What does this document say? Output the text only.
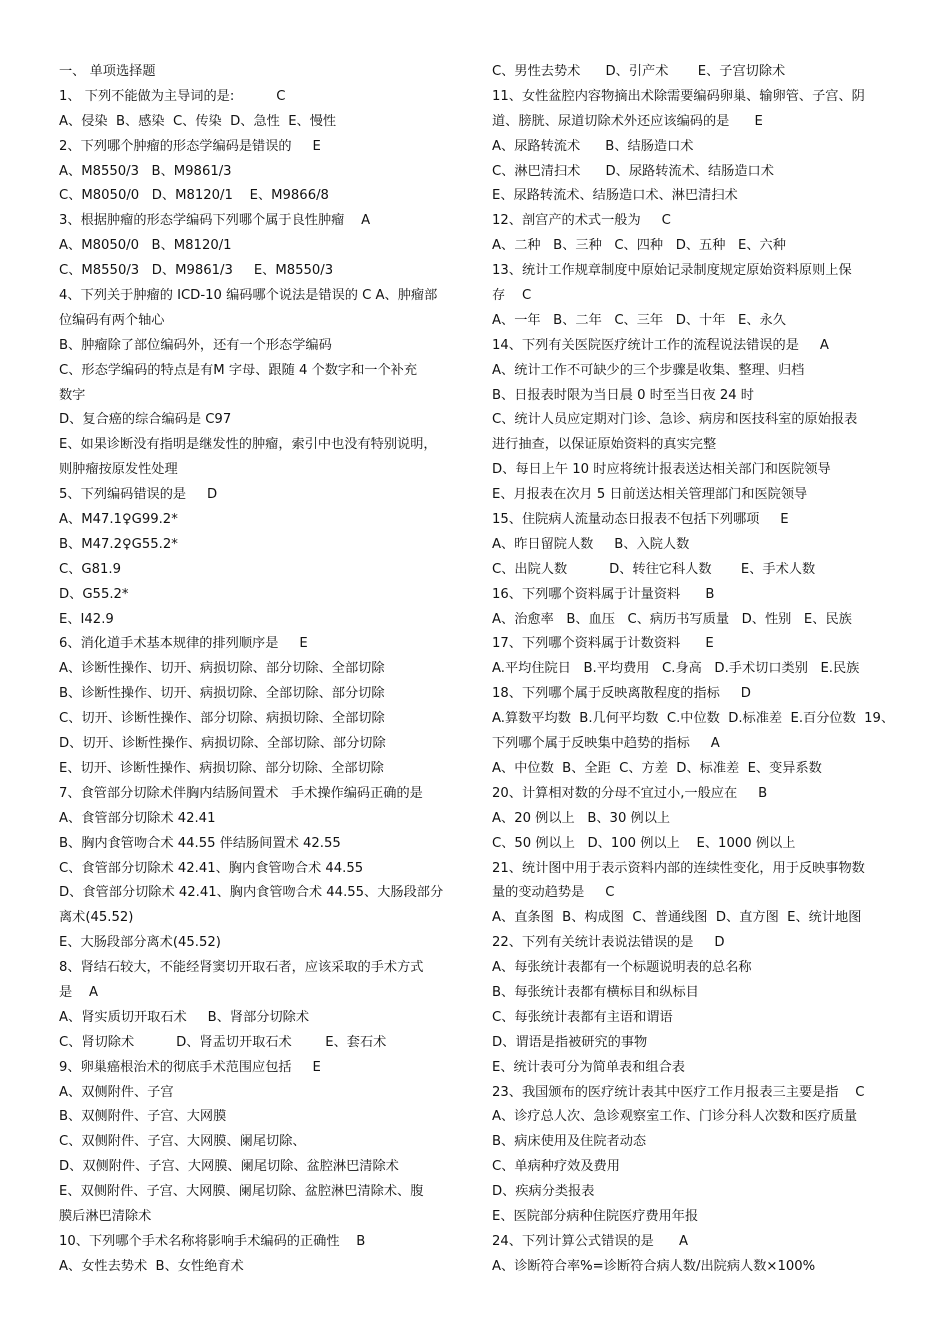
一、 单项选择题
1、 下列不能做为主导词的是:          C
A、侵染  B、感染  C、传染  D、急性  E、慢性
2、下列哪个肿瘤的形态学编码是错误的     E
A、M8550/3   B、M9861/3
C、M8050/0   D、M8120/1    E、M9866/8
3、根据肿瘤的形态学编码下列哪个属于良性肿瘤    A
A、M8050/0   B、M8120/1
C、M8550/3   D、M9861/3     E、M8550/3
4、下列关于肿瘤的 ICD-10 编码哪个说法是错误的 C A、肿瘤部
位编码有两个轴心
B、肿瘤除了部位编码外，还有一个形态学编码
C、形态学编码的特点是有M 字母、跟随 4 个数字和一个补充
数字
D、复合癌的综合编码是 C97
E、如果诊断没有指明是继发性的肿瘤，索引中也没有特别说明，
则肿瘤按原发性处理
5、下列编码错误的是     D
A、M47.1♀G99.2*
B、M47.2♀G55.2*
C、G81.9
D、G55.2*
E、I42.9
6、消化道手术基本规律的排列顺序是     E
A、诊断性操作、切开、病损切除、部分切除、全部切除
B、诊断性操作、切开、病损切除、全部切除、部分切除
C、切开、诊断性操作、部分切除、病损切除、全部切除
D、切开、诊断性操作、病损切除、全部切除、部分切除
E、切开、诊断性操作、病损切除、部分切除、全部切除
7、食管部分切除术伴胸内结肠间置术   手术操作编码正确的是
A、食管部分切除术 42.41
B、胸内食管吻合术 44.55 伴结肠间置术 42.55
C、食管部分切除术 42.41、胸内食管吻合术 44.55
D、食管部分切除术 42.41、胸内食管吻合术 44.55、大肠段部分
离术(45.52)
E、大肠段部分离术(45.52)
8、肾结石较大，不能经肾窦切开取石者，应该采取的手术方式
是    A
A、肾实质切开取石术     B、肾部分切除术
C、肾切除术          D、肾盂切开取石术        E、套石术
9、卵巢癌根治术的彻底手术范围应包括     E
A、双侧附件、子宫
B、双侧附件、子宫、大网膜
C、双侧附件、子宫、大网膜、阑尾切除、
D、双侧附件、子宫、大网膜、阑尾切除、盆腔淋巴清除术
E、双侧附件、子宫、大网膜、阑尾切除、盆腔淋巴清除术、腹
膜后淋巴清除术
10、下列哪个手术名称将影响手术编码的正确性    B
A、女性去势术  B、女性绝育术
C、男性去势术      D、引产术       E、子宫切除术
11、女性盆腔内容物摘出术除需要编码卵巢、输卵管、子宫、阴
道、膀胱、尿道切除术外还应该编码的是      E
A、尿路转流术      B、结肠造口术
C、淋巴清扫术      D、尿路转流术、结肠造口术
E、尿路转流术、结肠造口术、淋巴清扫术
12、剖宫产的术式一般为     C
A、二种   B、三种   C、四种   D、五种   E、六种
13、统计工作规章制度中原始记录制度规定原始资料原则上保
存    C
A、一年   B、二年   C、三年   D、十年   E、永久
14、下列有关医院医疗统计工作的流程说法错误的是     A
A、统计工作不可缺少的三个步骤是收集、整理、归档
B、日报表时限为当日晨 0 时至当日夜 24 时
C、统计人员应定期对门诊、急诊、病房和医技科室的原始报表
进行抽查，以保证原始资料的真实完整
D、每日上午 10 时应将统计报表送达相关部门和医院领导
E、月报表在次月 5 日前送达相关管理部门和医院领导
15、住院病人流量动态日报表不包括下列哪项     E
A、昨日留院人数     B、入院人数
C、出院人数          D、转往它科人数       E、手术人数
16、下列哪个资料属于计量资料      B
A、治愈率   B、血压   C、病历书写质量   D、性别   E、民族
17、下列哪个资料属于计数资料      E
A.平均住院日   B.平均费用   C.身高   D.手术切口类别   E.民族
18、下列哪个属于反映离散程度的指标     D
A.算数平均数  B.几何平均数  C.中位数  D.标准差  E.百分位数  19、
下列哪个属于反映集中趋势的指标     A
A、中位数  B、全距  C、方差  D、标准差  E、变异系数
20、计算相对数的分母不宜过小,一般应在     B
A、20 例以上   B、30 例以上
C、50 例以上   D、100 例以上    E、1000 例以上
21、统计图中用于表示资料内部的连续性变化，用于反映事物数
量的变动趋势是     C
A、直条图  B、构成图  C、普通线图  D、直方图  E、统计地图
22、下列有关统计表说法错误的是     D
A、每张统计表都有一个标题说明表的总名称
B、每张统计表都有横标目和纵标目
C、每张统计表都有主语和谓语
D、谓语是指被研究的事物
E、统计表可分为简单表和组合表
23、我国颁布的医疗统计表其中医疗工作月报表三主要是指    C
A、诊疗总人次、急诊观察室工作、门诊分科人次数和医疗质量
B、病床使用及住院者动态
C、单病种疗效及费用
D、疾病分类报表
E、医院部分病种住院医疗费用年报
24、下列计算公式错误的是      A
A、诊断符合率%=诊断符合病人数/出院病人数×100%
